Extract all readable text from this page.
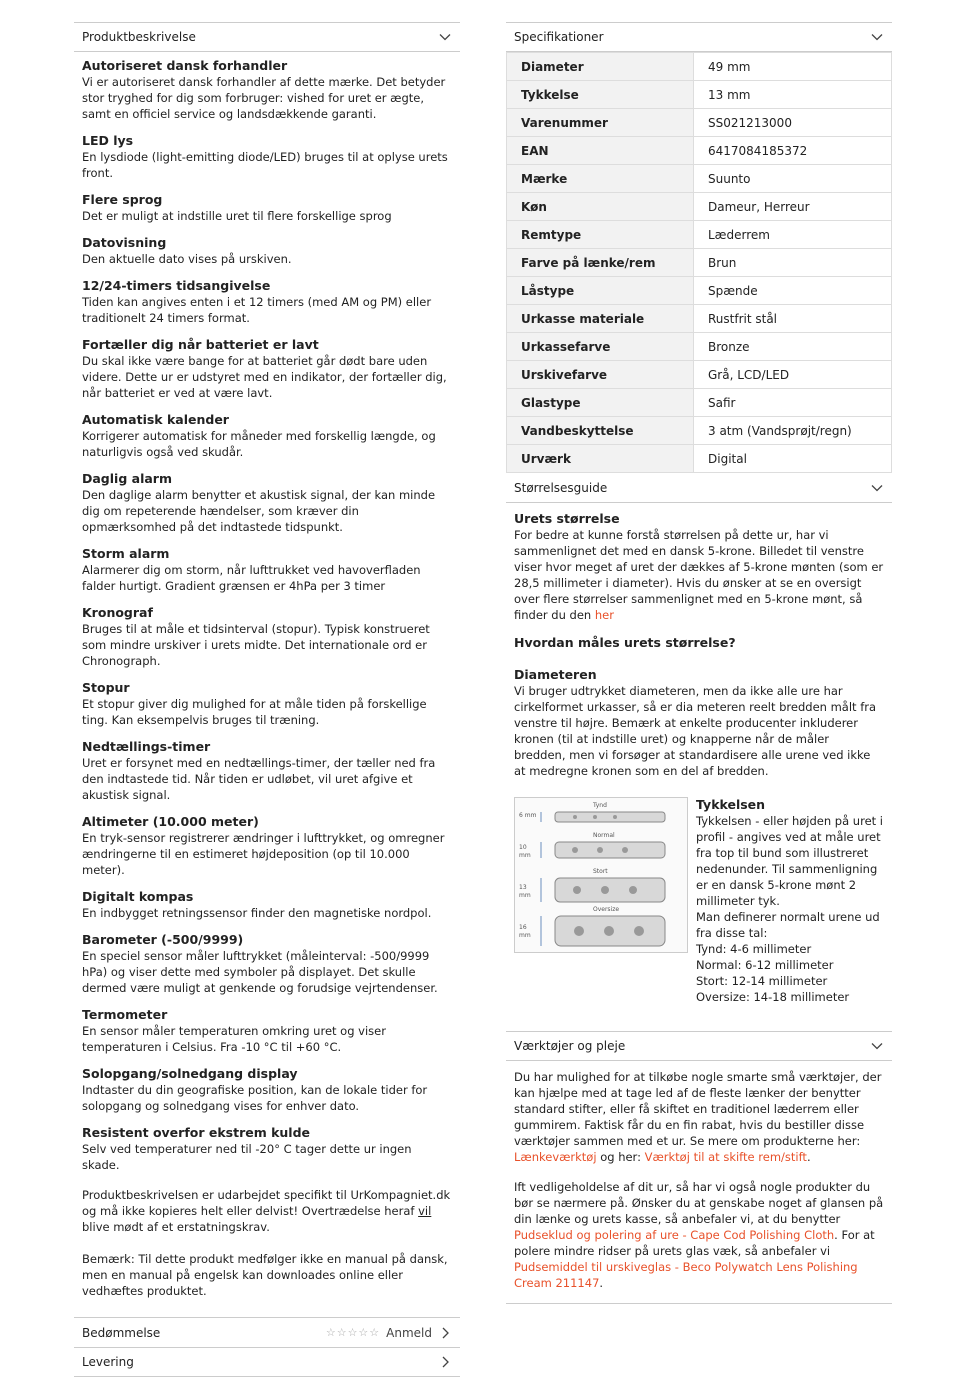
Produktbeskrivelse
Autoriseret dansk forhandler

Vi er autoriseret dansk forhandler af dette mærke. Det betyder stor tryghed for dig som forbruger: vished for uret er ægte, samt en officiel service og landsdækkende garanti.

LED lys

En lysdiode (light-emitting diode/LED) bruges til at oplyse urets front.

Flere sprog

Det er muligt at indstille uret til flere forskellige sprog

Datovisning

Den aktuelle dato vises på urskiven.

12/24-timers tidsangivelse

Tiden kan angives enten i et 12 timers (med AM og PM) eller traditionelt 24 timers format.

Fortæller dig når batteriet er lavt

Du skal ikke være bange for at batteriet går dødt bare uden videre. Dette ur er udstyret med en indikator, der fortæller dig, når batteriet er ved at være lavt.

Automatisk kalender

Korrigerer automatisk for måneder med forskellig længde, og naturligvis også ved skudår.

Daglig alarm

Den daglige alarm benytter et akustisk signal, der kan minde dig om repeterende hændelser, som kræver din opmærksomhed på det indtastede tidspunkt.

Storm alarm

Alarmerer dig om storm, når lufttrukket ved havoverfladen falder hurtigt. Gradient grænsen er 4hPa per 3 timer

Kronograf

Bruges til at måle et tidsinterval (stopur). Typisk konstrueret som mindre urskiver i urets midte. Det internationale ord er Chronograph.

Stopur

Et stopur giver dig mulighed for at måle tiden på forskellige ting. Kan eksempelvis bruges til træning.

Nedtællings-timer

Uret er forsynet med en nedtællings-timer, der tæller ned fra den indtastede tid. Når tiden er udløbet, vil uret afgive et akustisk signal.

Altimeter (10.000 meter)

En tryk-sensor registrerer ændringer i lufttrykket, og omregner ændringerne til en estimeret højdeposition (op til 10.000 meter).

Digitalt kompas

En indbygget retningssensor finder den magnetiske nordpol.

Barometer (-500/9999)

En speciel sensor måler lufttrykket (måleinterval: -500/9999 hPa) og viser dette med symboler på displayet. Det skulle dermed være muligt at genkende og forudsige vejrtendenser.

Termometer

En sensor måler temperaturen omkring uret og viser temperaturen i Celsius. Fra -10 °C til +60 °C.

Solopgang/solnedgang display

Indtaster du din geografiske position, kan de lokale tider for solopgang og solnedgang vises for enhver dato.

Resistent overfor ekstrem kulde

Selv ved temperaturer ned til -20° C tager dette ur ingen skade.

Produktbeskrivelsen er udarbejdet specifikt til UrKompagniet.dk og må ikke kopieres helt eller delvist! Overtrædelse heraf vil blive mødt af et erstatningskrav.
Bemærk: Til dette produkt medfølger ikke en manual på dansk, men en manual på engelsk kan downloades online eller vedhæftes produktet.
Bedømmelse	☆☆☆☆☆ Anmeld
Levering
Specifikationer
Diameter	49 mm
Tykkelse	13 mm
Varenummer	SS021213000
EAN	6417084185372
Mærke	Suunto
Køn	Dameur, Herreur
Remtype	Læderrem
Farve på lænke/rem	Brun
Låstype	Spænde
Urkasse materiale	Rustfrit stål
Urkassefarve	Bronze
Urskivefarve	Grå, LCD/LED
Glastype	Safir
Vandbeskyttelse	3 atm (Vandsprøjt/regn)
Urværk	Digital
Størrelsesguide
Urets størrelse

For bedre at kunne forstå størrelsen på dette ur, har vi sammenlignet det med en dansk 5-krone. Billedet til venstre viser hvor meget af uret der dækkes af 5-krone mønten (som er 28,5 millimeter i diameter). Hvis du ønsker at se en oversigt over flere størrelser sammenlignet med en 5-krone mønt, så finder du den her

Hvordan måles urets størrelse?
Diameteren

Vi bruger udtrykket diameteren, men da ikke alle ure har cirkelformet urkasser, så er dia meteren reelt bredden målt fra venstre til højre. Bemærk at enkelte producenter inkluderer kronen (til at indstille uret) og knapperne når de måler bredden, men vi forsøger at standardisere alle urene ved ikke at medregne kronen som en del af bredden.

Tynd
6 mm
Normal
10 mm
Stort
13 mm
Oversize
16 mm
Tykkelsen
Tykkelsen - eller højden på uret i profil - angives ved at måle uret fra top til bund som illustreret nedenunder. Til sammenligning er en dansk 5-krone mønt 2 millimeter tyk.
Man definerer normalt urene ud fra disse tal:
Tynd: 4-6 millimeter
Normal: 6-12 millimeter
Stort: 12-14 millimeter
Oversize: 14-18 millimeter
Værktøjer og pleje

Du har mulighed for at tilkøbe nogle smarte små værktøjer, der kan hjælpe med at tage led af de fleste lænker der benytter standard stifter, eller få skiftet en traditionel læderrem eller gummirem. Faktisk får du en fin rabat, hvis du bestiller disse værktøjer sammen med et ur. Se mere om produkterne her: Lænkeværktøj og her: Værktøj til at skifte rem/stift.

Ift vedligeholdelse af dit ur, så har vi også nogle produkter du bør se nærmere på. Ønsker du at genskabe noget af glansen på din lænke og urets kasse, så anbefaler vi, at du benytter Pudseklud og polering af ure - Cape Cod Polishing Cloth. For at polere mindre ridser på urets glas væk, så anbefaler vi Pudsemiddel til urskiveglas - Beco Polywatch Lens Polishing Cream 211147.
